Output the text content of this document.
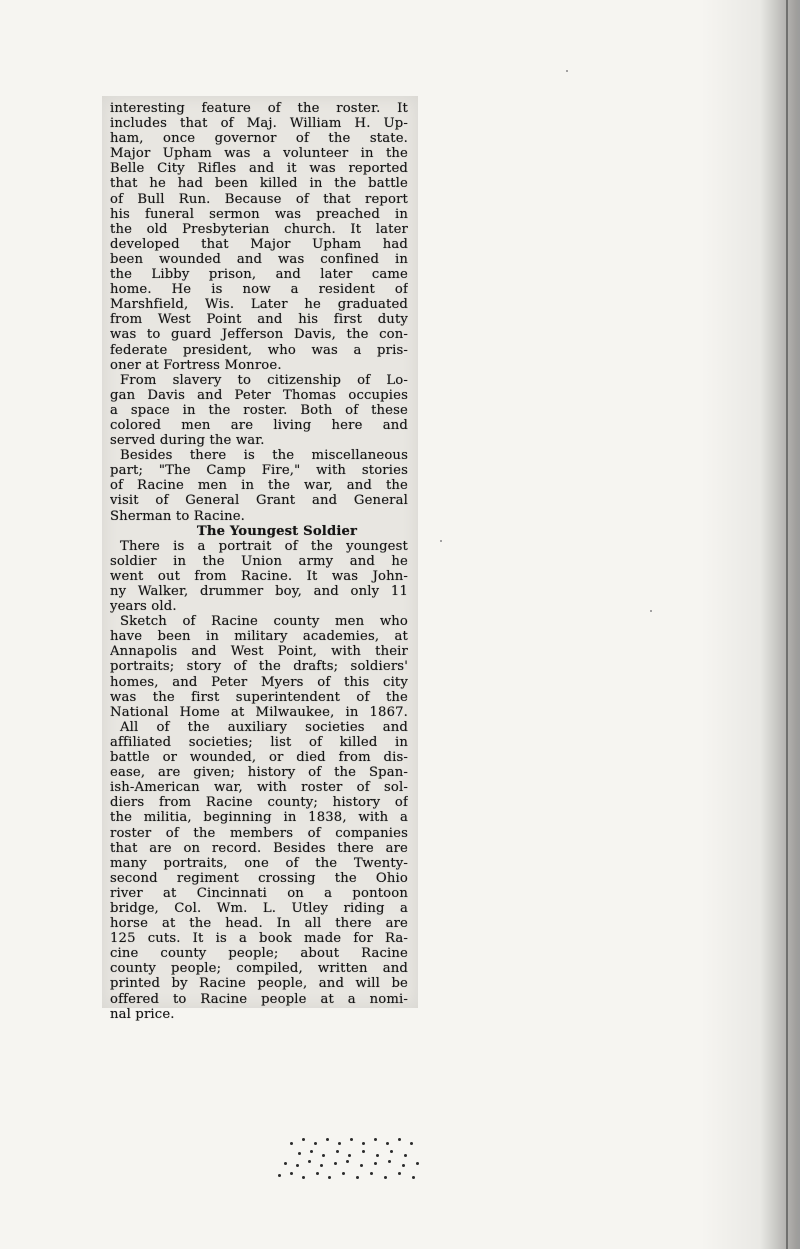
interesting feature of the roster. It
includes that of Maj. William H. Up-
ham, once governor of the state.
Major Upham was a volunteer in the
Belle City Rifles and it was reported
that he had been killed in the battle
of Bull Run. Because of that report
his funeral sermon was preached in
the old Presbyterian church. It later
developed that Major Upham had
been wounded and was confined in
the Libby prison, and later came
home. He is now a resident of
Marshfield, Wis. Later he graduated
from West Point and his first duty
was to guard Jefferson Davis, the con-
federate president, who was a pris-
oner at Fortress Monroe.
From slavery to citizenship of Lo-
gan Davis and Peter Thomas occupies
a space in the roster. Both of these
colored men are living here and
served during the war.
Besides there is the miscellaneous
part; "The Camp Fire," with stories
of Racine men in the war, and the
visit of General Grant and General
Sherman to Racine.
The Youngest Soldier
There is a portrait of the youngest
soldier in the Union army and he
went out from Racine. It was John-
ny Walker, drummer boy, and only 11
years old.
Sketch of Racine county men who
have been in military academies, at
Annapolis and West Point, with their
portraits; story of the drafts; soldiers'
homes, and Peter Myers of this city
was the first superintendent of the
National Home at Milwaukee, in 1867.
All of the auxiliary societies and
affiliated societies; list of killed in
battle or wounded, or died from dis-
ease, are given; history of the Span-
ish-American war, with roster of sol-
diers from Racine county; history of
the militia, beginning in 1838, with a
roster of the members of companies
that are on record. Besides there are
many portraits, one of the Twenty-
second regiment crossing the Ohio
river at Cincinnati on a pontoon
bridge, Col. Wm. L. Utley riding a
horse at the head. In all there are
125 cuts. It is a book made for Ra-
cine county people; about Racine
county people; compiled, written and
printed by Racine people, and will be
offered to Racine people at a nomi-
nal price.
